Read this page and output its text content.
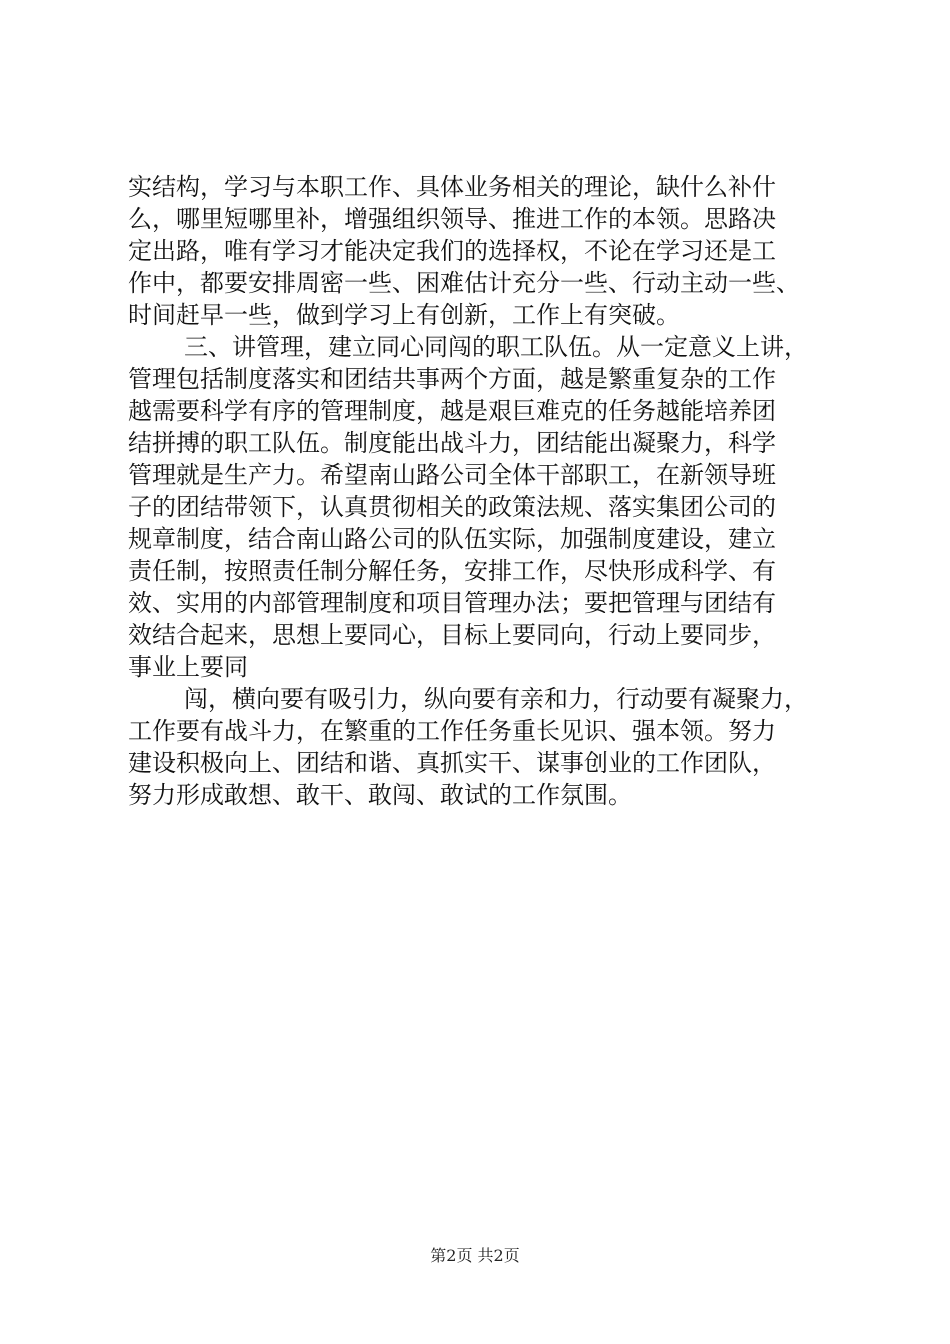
实结构，学习与本职工作、具体业务相关的理论，缺什么补什
么，哪里短哪里补，增强组织领导、推进工作的本领。思路决
定出路，唯有学习才能决定我们的选择权，不论在学习还是工
作中，都要安排周密一些、困难估计充分一些、行动主动一些、
时间赶早一些，做到学习上有创新，工作上有突破。
三、讲管理，建立同心同闯的职工队伍。从一定意义上讲，
管理包括制度落实和团结共事两个方面，越是繁重复杂的工作
越需要科学有序的管理制度，越是艰巨难克的任务越能培养团
结拼搏的职工队伍。制度能出战斗力，团结能出凝聚力，科学
管理就是生产力。希望南山路公司全体干部职工，在新领导班
子的团结带领下，认真贯彻相关的政策法规、落实集团公司的
规章制度，结合南山路公司的队伍实际，加强制度建设，建立
责任制，按照责任制分解任务，安排工作，尽快形成科学、有
效、实用的内部管理制度和项目管理办法；要把管理与团结有
效结合起来，思想上要同心，目标上要同向，行动上要同步，
事业上要同
闯，横向要有吸引力，纵向要有亲和力，行动要有凝聚力，
工作要有战斗力，在繁重的工作任务重长见识、强本领。努力
建设积极向上、团结和谐、真抓实干、谋事创业的工作团队，
努力形成敢想、敢干、敢闯、敢试的工作氛围。
第2页 共2页
